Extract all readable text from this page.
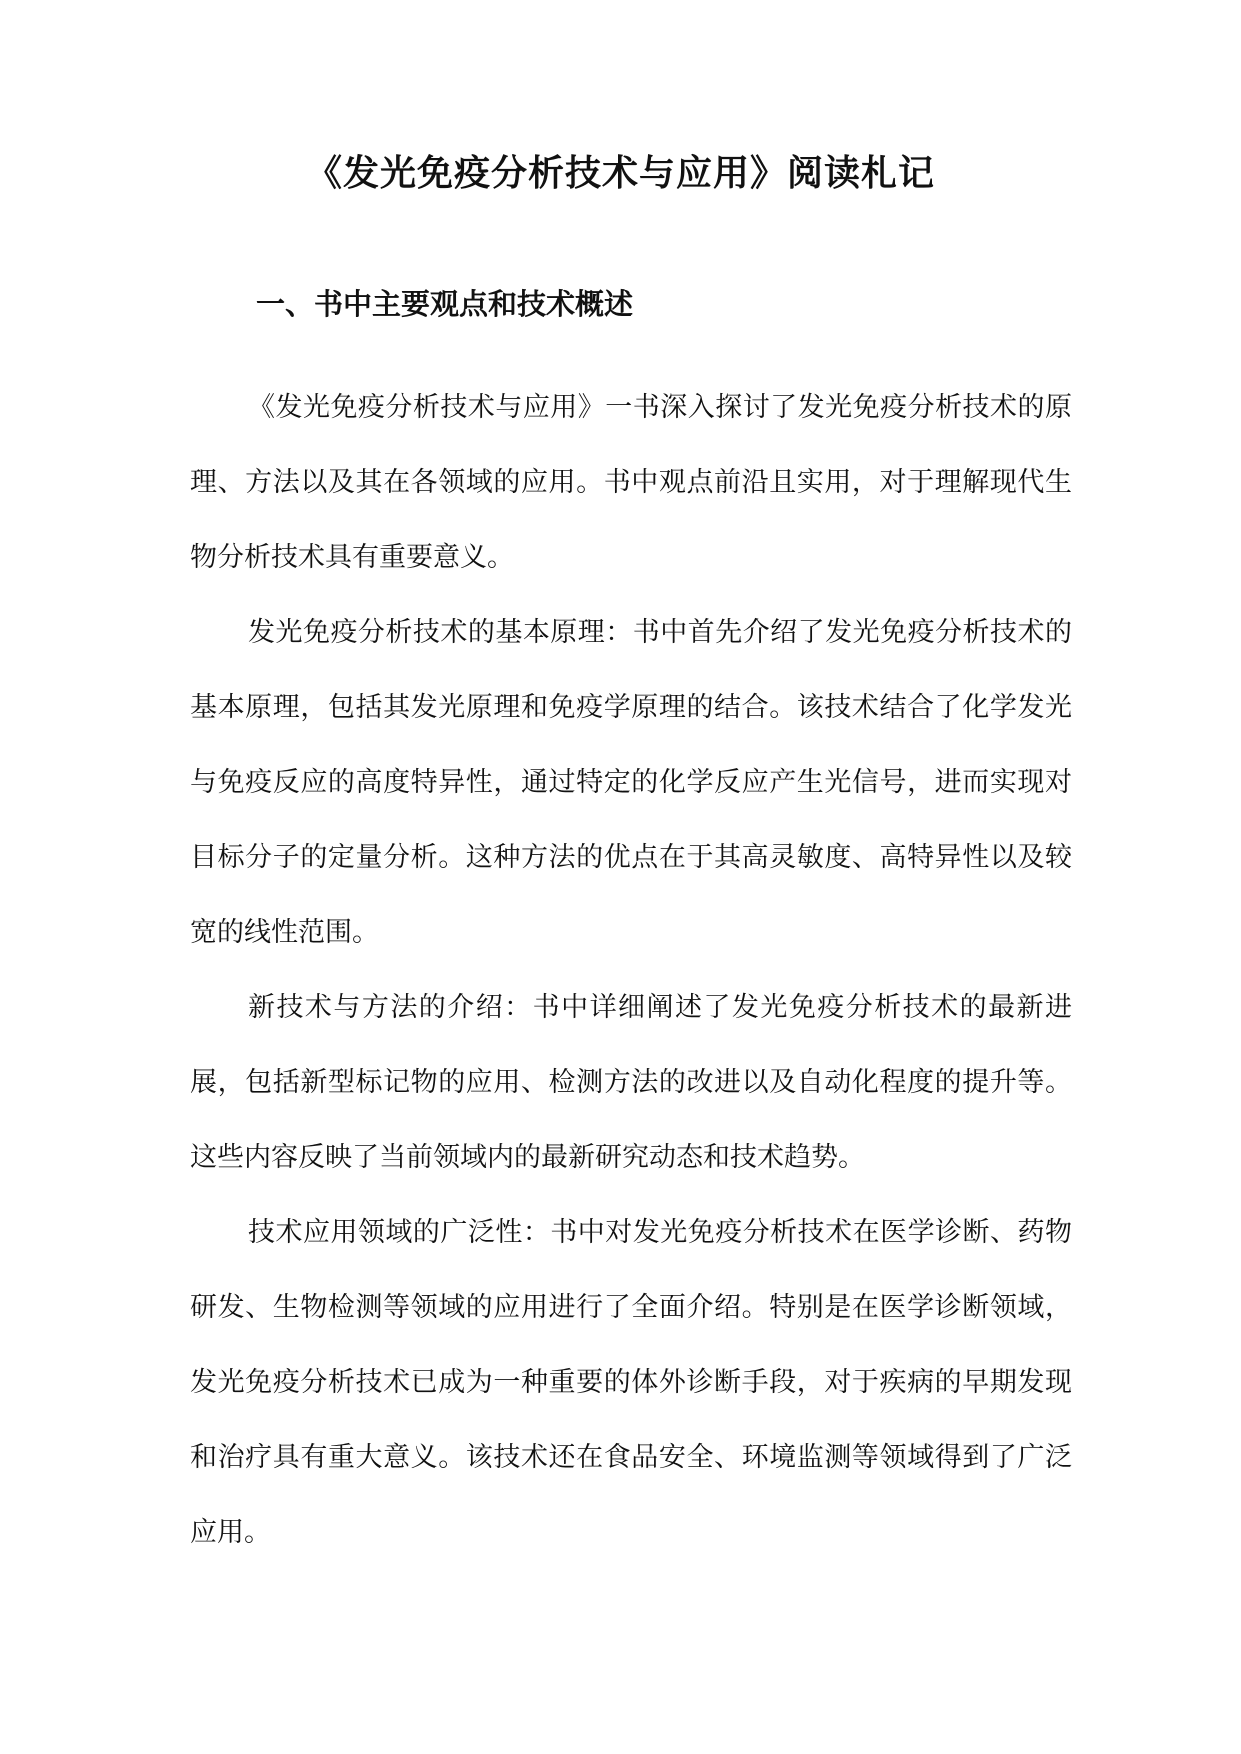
《发光免疫分析技术与应用》阅读札记
一、书中主要观点和技术概述

《发光免疫分析技术与应用》一书深入探讨了发光免疫分析技术的原理、方法以及其在各领域的应用。书中观点前沿且实用，对于理解现代生物分析技术具有重要意义。

发光免疫分析技术的基本原理：书中首先介绍了发光免疫分析技术的基本原理，包括其发光原理和免疫学原理的结合。该技术结合了化学发光与免疫反应的高度特异性，通过特定的化学反应产生光信号，进而实现对目标分子的定量分析。这种方法的优点在于其高灵敏度、高特异性以及较宽的线性范围。

新技术与方法的介绍：书中详细阐述了发光免疫分析技术的最新进展，包括新型标记物的应用、检测方法的改进以及自动化程度的提升等。这些内容反映了当前领域内的最新研究动态和技术趋势。

技术应用领域的广泛性：书中对发光免疫分析技术在医学诊断、药物研发、生物检测等领域的应用进行了全面介绍。特别是在医学诊断领域，发光免疫分析技术已成为一种重要的体外诊断手段，对于疾病的早期发现和治疗具有重大意义。该技术还在食品安全、环境监测等领域得到了广泛应用。
